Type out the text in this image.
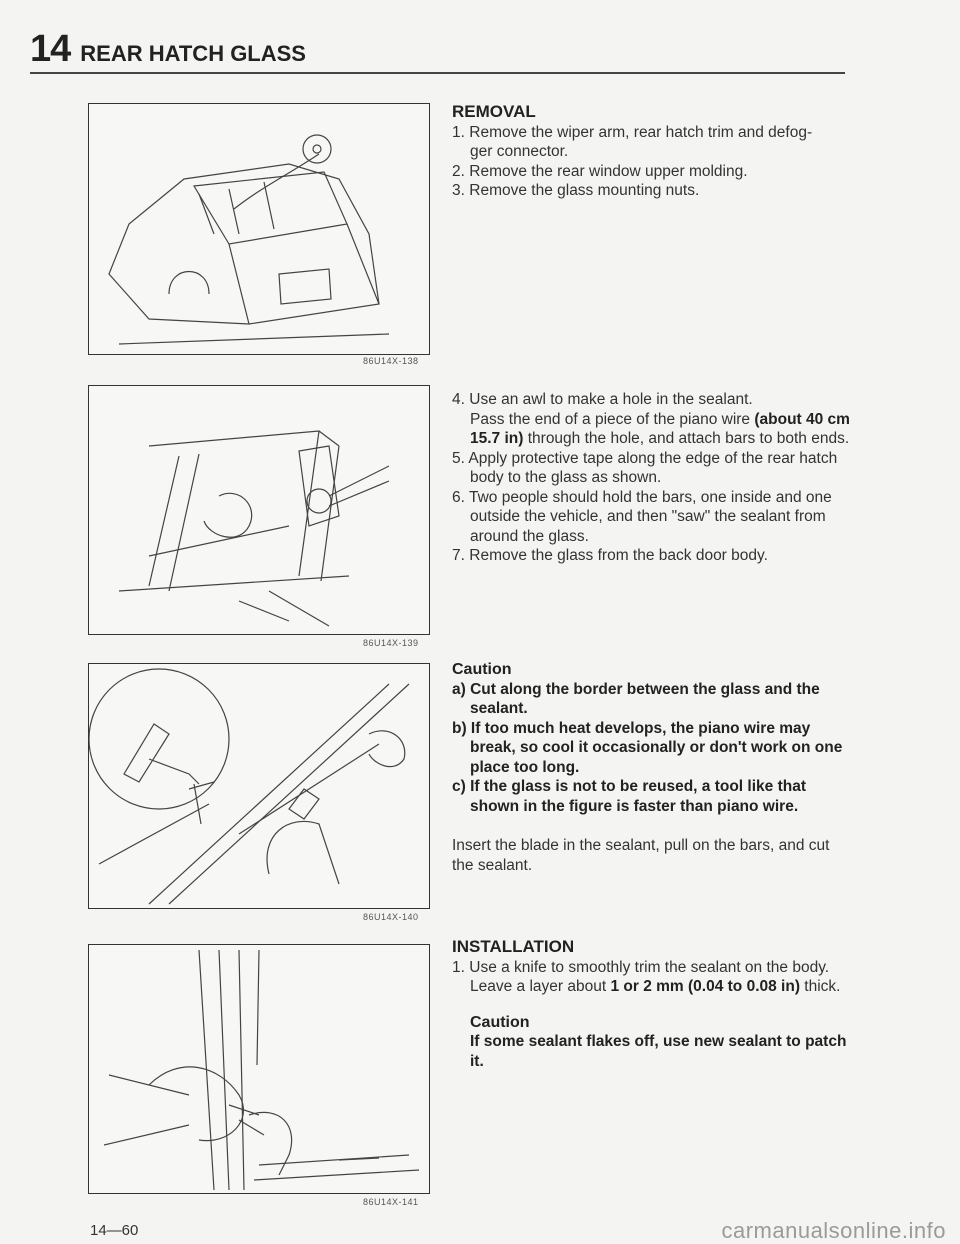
14 REAR HATCH GLASS
86U14X-138
86U14X-139
86U14X-140
86U14X-141
REMOVAL

1. Remove the wiper arm, rear hatch trim and defog-

ger connector.

2. Remove the rear window upper molding.

3. Remove the glass mounting nuts.

4. Use an awl to make a hole in the sealant.

Pass the end of a piece of the piano wire (about 40 cm 15.7 in) through the hole, and attach bars to both ends.

5. Apply protective tape along the edge of the rear hatch body to the glass as shown.

6. Two people should hold the bars, one inside and one outside the vehicle, and then "saw" the sealant from around the glass.

7. Remove the glass from the back door body.

Caution

a) Cut along the border between the glass and the sealant.

b) If too much heat develops, the piano wire may break, so cool it occasionally or don't work on one place too long.

c) If the glass is not to be reused, a tool like that shown in the figure is faster than piano wire.

Insert the blade in the sealant, pull on the bars, and cut the sealant.

INSTALLATION

1. Use a knife to smoothly trim the sealant on the body. Leave a layer about 1 or 2 mm (0.04 to 0.08 in) thick.

Caution
If some sealant flakes off, use new sealant to patch it.
14—60	carmanualsonline.info
